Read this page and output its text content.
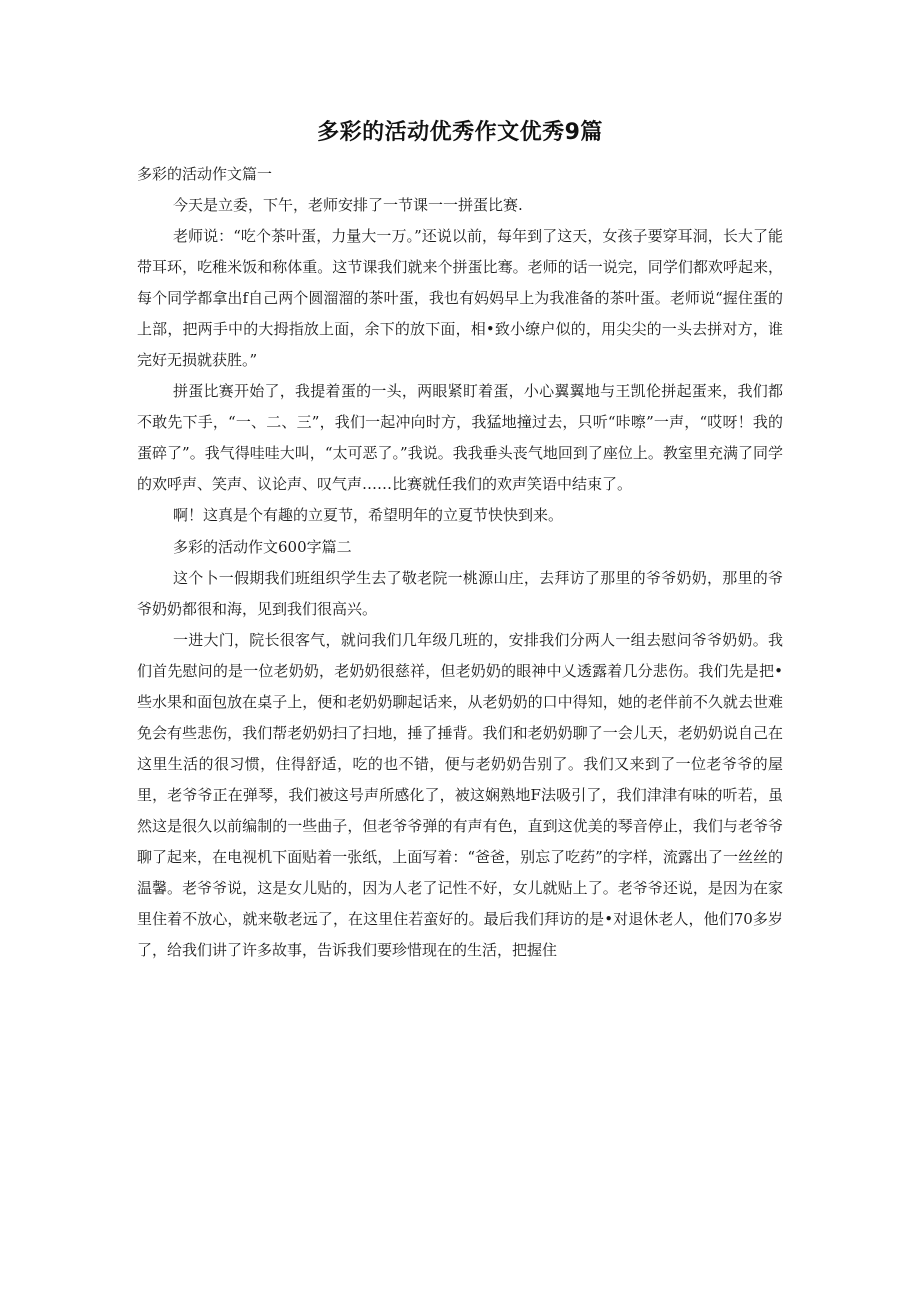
多彩的活动优秀作文优秀9篇

多彩的活动作文篇一

今天是立委，下午，老师安排了一节课一一拼蛋比赛.

老师说：“吃个茶叶蛋，力量大一万。”还说以前，每年到了这天，女孩子要穿耳洞，长大了能带耳环，吃稚米饭和称体重。这节课我们就来个拼蛋比骞。老师的话一说完，同学们都欢呼起来，每个同学都拿出f自己两个圆溜溜的茶叶蛋，我也有妈妈早上为我准备的茶叶蛋。老师说“握住蛋的上部，把两手中的大拇指放上面，余下的放下面，相•致小缭户似的，用尖尖的一头去拼对方，谁完好无损就获胜。”

拼蛋比赛开始了，我提着蛋的一头，两眼紧盯着蛋，小心翼翼地与王凯伦拼起蛋来，我们都不敢先下手，“一、二、三”，我们一起冲向时方，我猛地撞过去，只听“咔嚓”一声，“哎呀！我的蛋碎了”。我气得哇哇大叫，“太可恶了。”我说。我我垂头丧气地回到了座位上。教室里充满了同学的欢呼声、笑声、议论声、叹气声……比赛就任我们的欢声笑语中结束了。

啊！这真是个有趣的立夏节，希望明年的立夏节快快到来。

多彩的活动作文600字篇二

这个卜一假期我们班组织学生去了敬老院一桃源山庄，去拜访了那里的爷爷奶奶，那里的爷爷奶奶都很和海，见到我们很高兴。

一进大门，院长很客气，就问我们几年级几班的，安排我们分两人一组去慰问爷爷奶奶。我们首先慰问的是一位老奶奶，老奶奶很慈祥，但老奶奶的眼神中乂透露着几分悲伤。我们先是把•些水果和面包放在桌子上，便和老奶奶聊起话来，从老奶奶的口中得知，她的老伴前不久就去世难免会有些悲伤，我们帮老奶奶扫了扫地，捶了捶背。我们和老奶奶聊了一会儿天，老奶奶说自己在这里生活的很习惯，住得舒适，吃的也不错，便与老奶奶告别了。我们又来到了一位老爷爷的屋里，老爷爷正在弹琴，我们被这号声所感化了，被这娴熟地F法吸引了，我们津津有味的听若，虽然这是很久以前编制的一些曲子，但老爷爷弹的有声有色，直到这优美的琴音停止，我们与老爷爷聊了起来，在电视机下面贴着一张纸，上面写着：“爸爸，别忘了吃药”的字样，流露出了一丝丝的温馨。老爷爷说，这是女儿贴的，因为人老了记性不好，女儿就贴上了。老爷爷还说，是因为在家里住着不放心，就来敬老远了，在这里住若蛮好的。最后我们拜访的是•对退休老人，他们70多岁了，给我们讲了许多故事，告诉我们要珍惜现在的生活，把握住
